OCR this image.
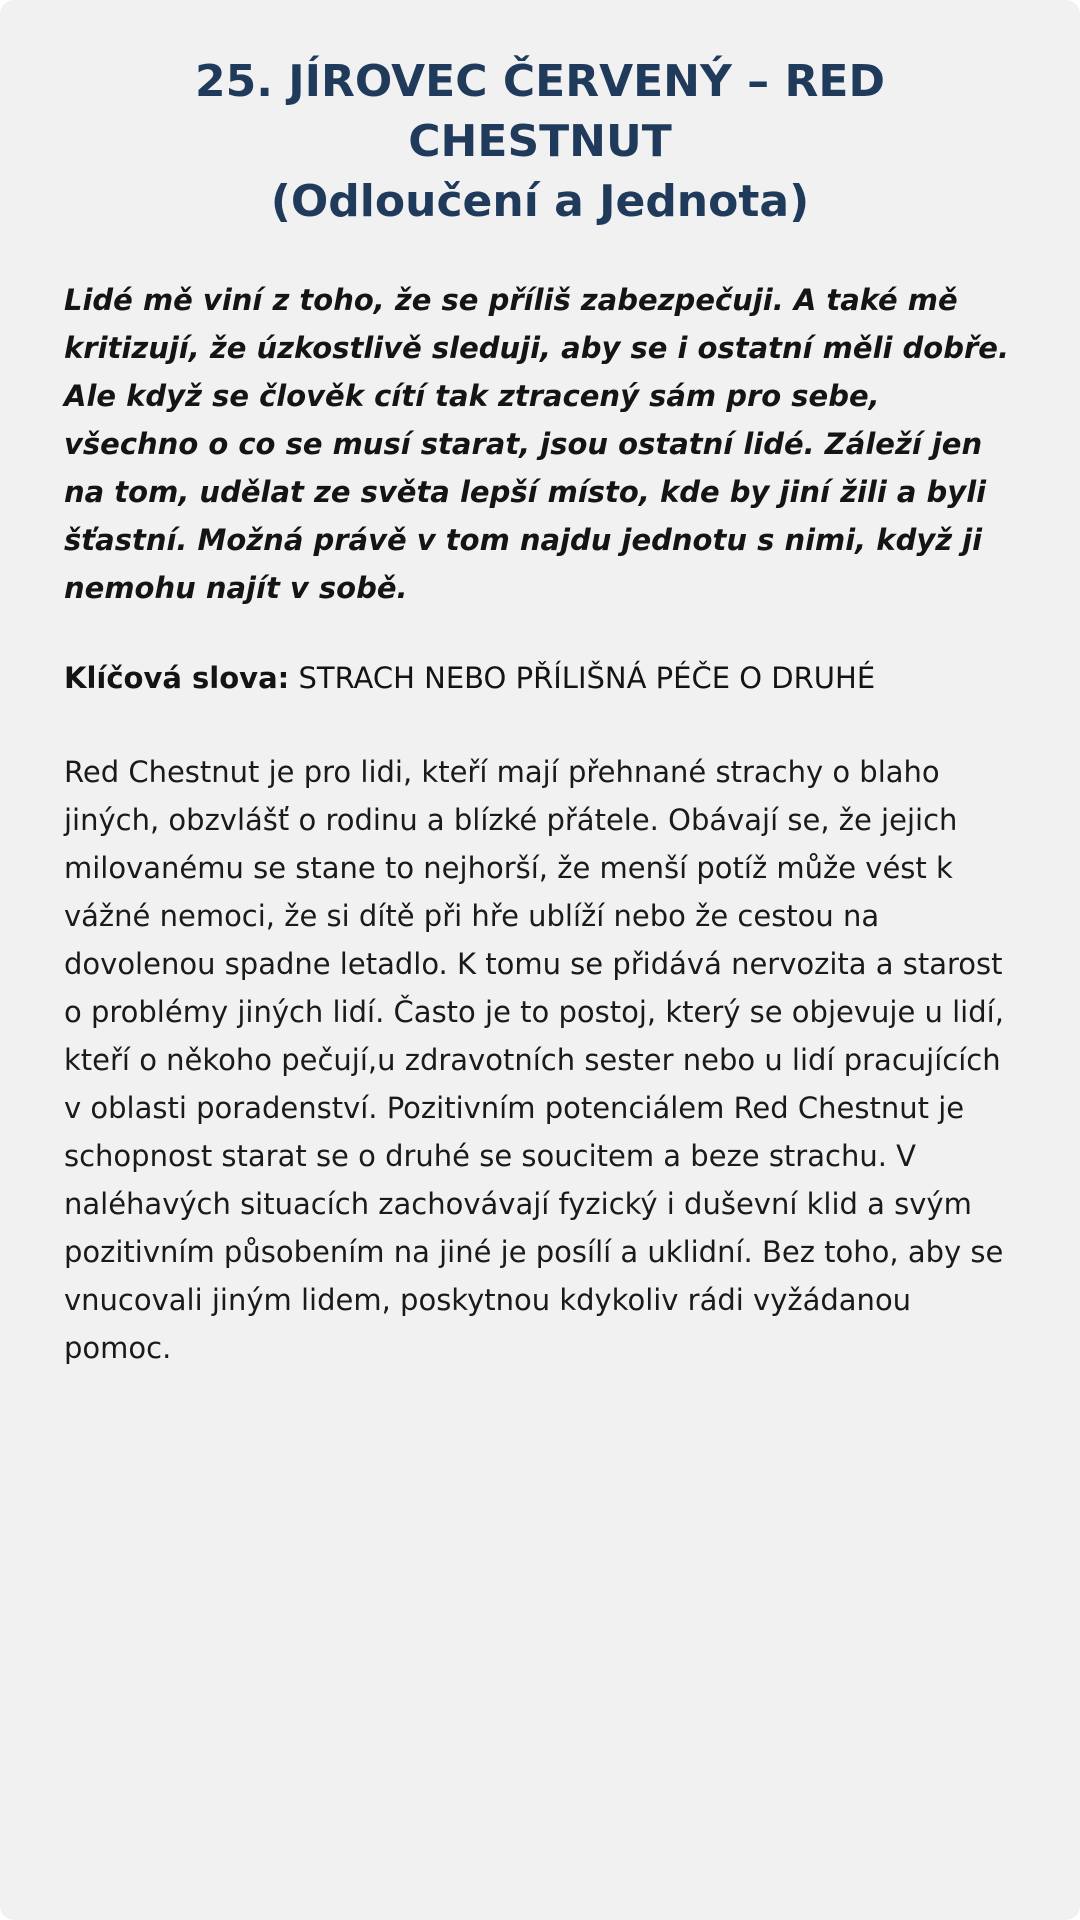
25. JÍROVEC ČERVENÝ – RED CHESTNUT
(Odloučení a Jednota)

Lidé mě viní z toho, že se příliš zabezpečuji. A také mě kritizují, že úzkostlivě sleduji, aby se i ostatní měli dobře. Ale když se člověk cítí tak ztracený sám pro sebe, všechno o co se musí starat, jsou ostatní lidé. Záleží jen na tom, udělat ze světa lepší místo, kde by jiní žili a byli šťastní. Možná právě v tom najdu jednotu s nimi, když ji nemohu najít v sobě.

Klíčová slova: STRACH NEBO PŘÍLIŠNÁ PÉČE O DRUHÉ

Red Chestnut je pro lidi, kteří mají přehnané strachy o blaho jiných, obzvlášť o rodinu a blízké přátele. Obávají se, že jejich milovanému se stane to nejhorší, že menší potíž může vést k vážné nemoci, že si dítě při hře ublíží nebo že cestou na dovolenou spadne letadlo. K tomu se přidává nervozita a starost o problémy jiných lidí. Často je to postoj, který se objevuje u lidí, kteří o někoho pečují,u zdravotních sester nebo u lidí pracujících v oblasti poradenství. Pozitivním potenciálem Red Chestnut je schopnost starat se o druhé se soucitem a beze strachu. V naléhavých situacích zachovávají fyzický i duševní klid a svým pozitivním působením na jiné je posílí a uklidní. Bez toho, aby se vnucovali jiným lidem, poskytnou kdykoliv rádi vyžádanou pomoc.
